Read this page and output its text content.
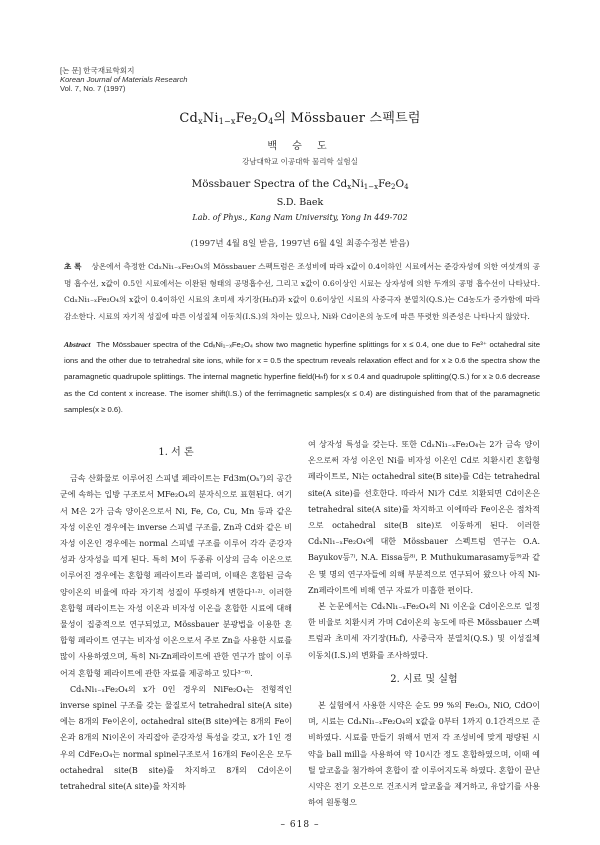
[논 문] 한국재료학회지
Korean Journal of Materials Research
Vol. 7, No. 7 (1997)
$Cd_xNi_{1-x}Fe_2O_4$의 Mössbauer 스펙트럼
백 승 도
강남대학교 이공대학 물리학 실험실
Mössbauer Spectra of the $Cd_xNi_{1-x}Fe_2O_4$
S.D. Baek
Lab. of Phys., Kang Nam University, Yong In 449-702
(1997년 4월 8일 받음, 1997년 6월 4일 최종수정본 받음)
초 록 상온에서 측정한 CdₓNi₁₋ₓFe₂O₄의 Mössbauer 스펙트럼은 조성비에 따라 x값이 0.4이하인 시료에서는 준강자성에 의한 여섯개의 공명 흡수선, x값이 0.5인 시료에서는 이완된 형태의 공명흡수선, 그리고 x값이 0.6이상인 시료는 상자성에 의한 두개의 공명 흡수선이 나타났다. CdₓNi₁₋ₓFe₂O₄의 x값이 0.4이하인 시료의 초미세 자기장(Hₕf)과 x값이 0.6이상인 시료의 사중극자 분열치(Q.S.)는 Cd농도가 증가함에 따라 감소한다. 시료의 자기적 성질에 따른 이성질체 이동치(I.S.)의 차이는 있으나, Ni와 Cd이온의 농도에 따른 뚜렷한 의존성은 나타나지 않았다.
Abstract The Mössbauer spectra of the CdₓNi₁₋ₓFe₂O₄ show two magnetic hyperfine splittings for x ≤ 0.4, one due to Fe³⁺ octahedral site ions and the other due to tetrahedral site ions, while for x = 0.5 the spectrum reveals relaxation effect and for x ≥ 0.6 the spectra show the paramagnetic quadrupole splittings. The internal magnetic hyperfine field(Hₕf) for x ≤ 0.4 and quadrupole splitting(Q.S.) for x ≥ 0.6 decrease as the Cd content x increase. The isomer shift(I.S.) of the ferrimagnetic samples(x ≤ 0.4) are distinguished from that of the paramagnetic samples(x ≥ 0.6).
1. 서 론

금속 산화물로 이루어진 스피넬 페라이트는 Fd3m(Oₕ⁷)의 공간군에 속하는 입방 구조로서 MFe₂O₄의 분자식으로 표현된다. 여기서 M은 2가 금속 양이온으로서 Ni, Fe, Co, Cu, Mn 등과 같은 자성 이온인 경우에는 inverse 스피넬 구조를, Zn과 Cd와 같은 비자성 이온인 경우에는 normal 스피넬 구조를 이루어 각각 준강자성과 상자성을 띠게 된다. 특히 M이 두종류 이상의 금속 이온으로 이루어진 경우에는 혼합형 페라이트라 불리며, 이때은 혼합된 금속 양이온의 비율에 따라 자기적 성질이 뚜렷하게 변한다¹·²⁾. 이러한 혼합형 페라이트는 자성 이온과 비자성 이온을 혼합한 시료에 대해 물성이 집중적으로 연구되었고, Mössbauer 분광법을 이용한 혼합형 페라이트 연구는 비자성 이온으로서 주로 Zn을 사용한 시료를 많이 사용하였으며, 특히 Ni-Zn페라이트에 관한 연구가 많이 이루어져 혼합형 페라이트에 관한 자료를 제공하고 있다³⁻⁶⁾.

CdₓNi₁₋ₓFe₂O₄의 x가 0인 경우의 NiFe₂O₄는 전형적인 inverse spinel 구조를 갖는 물질로서 tetrahedral site(A site)에는 8개의 Fe이온이, octahedral site(B site)에는 8개의 Fe이온과 8개의 Ni이온이 자리잡아 준강자성 특성을 갖고, x가 1인 경우의 CdFe₂O₄는 normal spinel구조로서 16개의 Fe이온은 모두 octahedral site(B site)를 차지하고 8개의 Cd이온이 tetrahedral site(A site)를 차지하

여 상자성 특성을 갖는다. 또한 CdₓNi₁₋ₓFe₂O₄는 2가 금속 양이온으로써 자성 이온인 Ni를 비자성 이온인 Cd로 치환시킨 혼합형 페라이트로, Ni는 octahedral site(B site)를 Cd는 tetrahedral site(A site)를 선호한다. 따라서 Ni가 Cd로 치환되면 Cd이온은 tetrahedral site(A site)를 차지하고 이에따라 Fe이온은 점차적으로 octahedral site(B site)로 이동하게 된다. 이러한 CdₓNi₁₋ₓFe₂O₄에 대한 Mössbauer 스펙트럼 연구는 O.A. Bayukov등⁷⁾, N.A. Eissa등⁸⁾, P. Muthukumarasamy등⁹⁾과 같은 몇 명의 연구자들에 의해 부분적으로 연구되어 왔으나 아직 Ni-Zn페라이트에 비해 연구 자료가 미흡한 편이다.

본 논문에서는 CdₓNi₁₋ₓFe₂O₄의 Ni 이온을 Cd이온으로 일정한 비율로 치환시켜 가며 Cd이온의 농도에 따른 Mössbauer 스펙트럼과 초미세 자기장(Hₕf), 사중극자 분열치(Q.S.) 및 이성질체 이동치(I.S.)의 변화를 조사하였다.

2. 시료 및 실험

본 실험에서 사용한 시약은 순도 99 %의 Fe₂O₃, NiO, CdO이며, 시료는 CdₓNi₁₋ₓFe₂O₄의 x값을 0부터 1까지 0.1간격으로 준비하였다. 시료를 만들기 위해서 먼저 각 조성비에 맞게 평량된 시약을 ball mill을 사용하여 약 10시간 정도 혼합하였으며, 이때 예틸 알코올을 첨가하여 혼합이 잘 이루어지도록 하였다. 혼합이 끝난 시약은 전기 오븐으로 건조시켜 알코올을 제거하고, 유압기를 사용하여 원통형으

– 618 –
